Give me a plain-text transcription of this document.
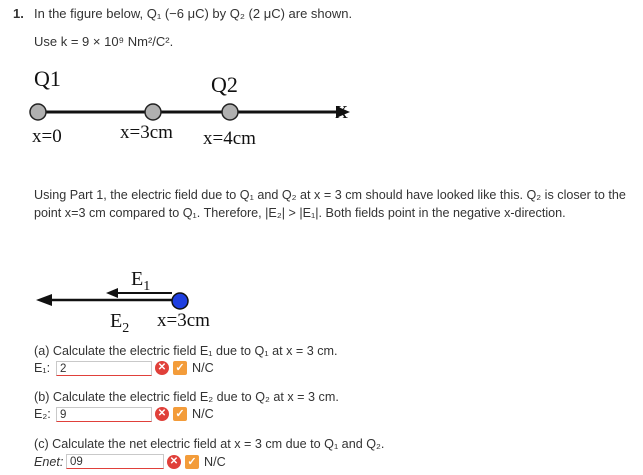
1. In the figure below, Q₁ (−6 μC) by Q₂ (2 μC) are shown.
Use k = 9 × 10⁹ Nm²/C².
Q1	Q2
X
x=0	x=3cm x=4cm
Using Part 1, the electric field due to Q₁ and Q₂ at x = 3 cm should have looked like this. Q₂ is closer to the point x=3 cm compared to Q₁. Therefore, |E₂| > |E₁|. Both fields point in the negative x-direction.
$E_1$
$E_2$ x=3cm
(a) Calculate the electric field E₁ due to Q₁ at x = 3 cm.
E₁: 2	✕ ✓ N/C
(b) Calculate the electric field E₂ due to Q₂ at x = 3 cm.
E₂: 9	✕ ✓ N/C
(c) Calculate the net electric field at x = 3 cm due to Q₁ and Q₂.
Enet: 09	✕ ✓ N/C
